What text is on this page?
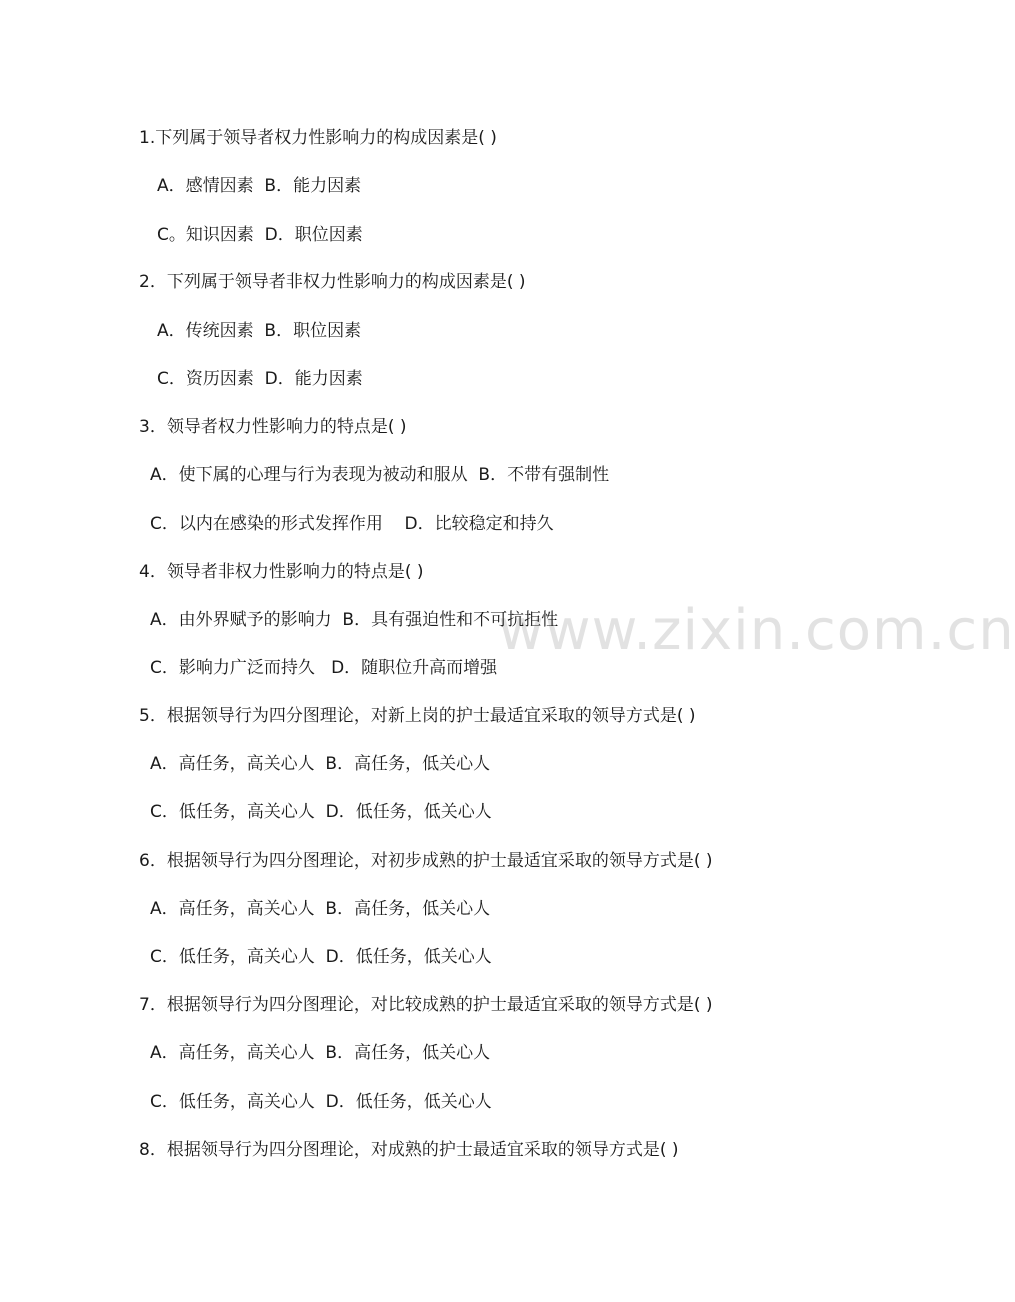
www.zixin.com.cn
1.下列属于领导者权力性影响力的构成因素是( )
A．感情因素  B．能力因素
C。知识因素  D．职位因素
2．下列属于领导者非权力性影响力的构成因素是( )
A．传统因素  B．职位因素
C．资历因素  D．能力因素
3．领导者权力性影响力的特点是( )
A．使下属的心理与行为表现为被动和服从  B．不带有强制性
C．以内在感染的形式发挥作用    D．比较稳定和持久
4．领导者非权力性影响力的特点是( )
A．由外界赋予的影响力  B．具有强迫性和不可抗拒性
C．影响力广泛而持久   D．随职位升高而增强
5．根据领导行为四分图理论，对新上岗的护士最适宜采取的领导方式是( )
A．高任务，高关心人  B．高任务，低关心人
C．低任务，高关心人  D．低任务，低关心人
6．根据领导行为四分图理论，对初步成熟的护士最适宜采取的领导方式是( )
A．高任务，高关心人  B．高任务，低关心人
C．低任务，高关心人  D．低任务，低关心人
7．根据领导行为四分图理论，对比较成熟的护士最适宜采取的领导方式是( )
A．高任务，高关心人  B．高任务，低关心人
C．低任务，高关心人  D．低任务，低关心人
8．根据领导行为四分图理论，对成熟的护士最适宜采取的领导方式是( )
